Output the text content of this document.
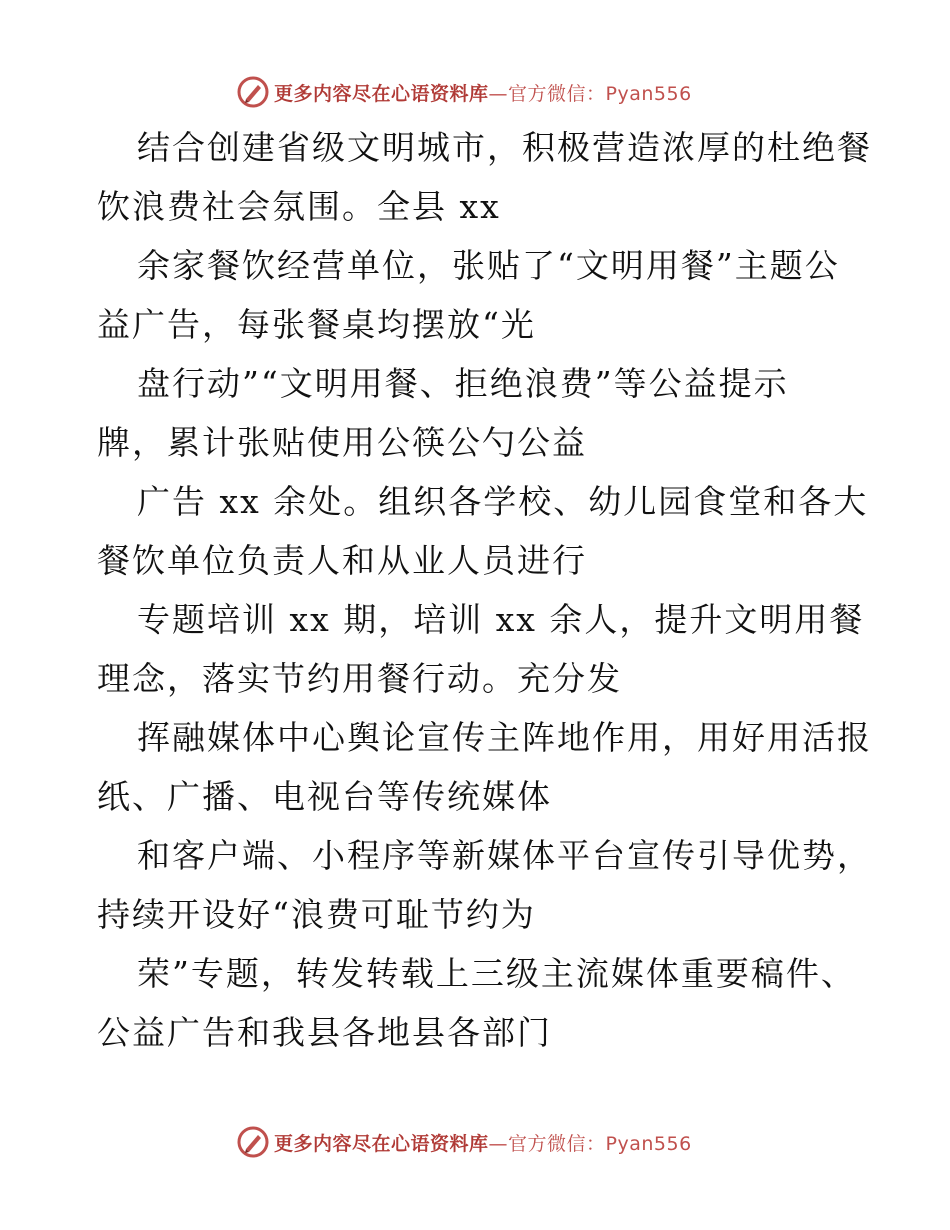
更多内容尽在心语资料库—官方微信：Pyan556
结合创建省级文明城市，积极营造浓厚的杜绝餐
饮浪费社会氛围。全县 xx
余家餐饮经营单位，张贴了“文明用餐”主题公
益广告，每张餐桌均摆放“光
盘行动”“文明用餐、拒绝浪费”等公益提示
牌，累计张贴使用公筷公勺公益
广告 xx 余处。组织各学校、幼儿园食堂和各大
餐饮单位负责人和从业人员进行
专题培训 xx 期，培训 xx 余人，提升文明用餐
理念，落实节约用餐行动。充分发
挥融媒体中心舆论宣传主阵地作用，用好用活报
纸、广播、电视台等传统媒体
和客户端、小程序等新媒体平台宣传引导优势，
持续开设好“浪费可耻节约为
荣”专题，转发转载上三级主流媒体重要稿件、
公益广告和我县各地县各部门
更多内容尽在心语资料库—官方微信：Pyan556
